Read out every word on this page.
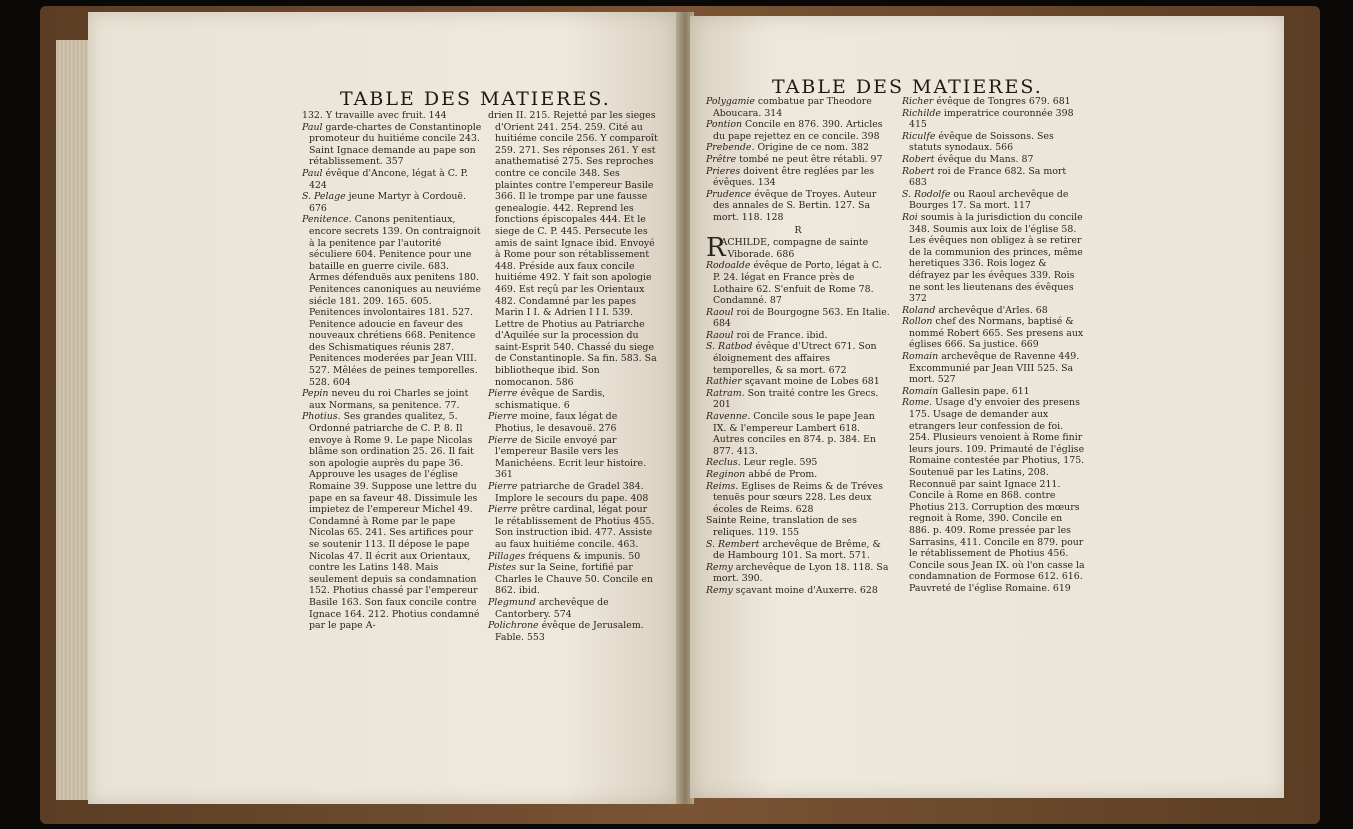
TABLE DES MATIERES.
132. Y travaille avec fruit. 144
Paul garde-chartes de Constantinople promoteur du huitiéme concile 243. Saint Ignace demande au pape son rétablissement. 357
Paul évêque d'Ancone, légat à C. P. 424
S. Pelage jeune Martyr à Cordouë. 676
Penitence. Canons penitentiaux, encore secrets 139. On contraignoit à la penitence par l'autorité séculiere 604. Penitence pour une bataille en guerre civile. 683. Armes défenduës aux penitens 180. Penitences canoniques au neuviéme siécle 181. 209. 165. 605. Penitences involontaires 181. 527. Penitence adoucie en faveur des nouveaux chrétiens 668. Penitence des Schismatiques réunis 287. Penitences moderées par Jean VIII. 527. Mêlées de peines temporelles. 528. 604
Pepin neveu du roi Charles se joint aux Normans, sa penitence. 77.
Photius. Ses grandes qualitez, 5. Ordonné patriarche de C. P. 8. Il envoye à Rome 9. Le pape Nicolas blâme son ordination 25. 26. Il fait son apologie auprès du pape 36. Approuve les usages de l'église Romaine 39. Suppose une lettre du pape en sa faveur 48. Dissimule les impietez de l'empereur Michel 49. Condamné à Rome par le pape Nicolas 65. 241. Ses artifices pour se soutenir 113. Il dépose le pape Nicolas 47. Il écrit aux Orientaux, contre les Latins 148. Mais seulement depuis sa condamnation 152. Photius chassé par l'empereur Basile 163. Son faux concile contre Ignace 164. 212. Photius condamné par le pape A-
drien II. 215. Rejetté par les sieges d'Orient 241. 254. 259. Cité au huitiéme concile 256. Y comparoît 259. 271. Ses réponses 261. Y est anathematisé 275. Ses reproches contre ce concile 348. Ses plaintes contre l'empereur Basile 366. Il le trompe par une fausse genealogie. 442. Reprend les fonctions épiscopales 444. Et le siege de C. P. 445. Persecute les amis de saint Ignace ibid. Envoyé à Rome pour son rétablissement 448. Préside aux faux concile huitiéme 492. Y fait son apologie 469. Est reçû par les Orientaux 482. Condamné par les papes Marin I I. & Adrien I I I. 539. Lettre de Photius au Patriarche d'Aquilée sur la procession du saint-Esprit 540. Chassé du siege de Constantinople. Sa fin. 583. Sa bibliotheque ibid. Son nomocanon. 586
Pierre évêque de Sardis, schismatique. 6
Pierre moine, faux légat de Photius, le desavouë. 276
Pierre de Sicile envoyé par l'empereur Basile vers les Manichéens. Ecrit leur histoire. 361
Pierre patriarche de Gradel 384. Implore le secours du pape. 408
Pierre prêtre cardinal, légat pour le rétablissement de Photius 455. Son instruction ibid. 477. Assiste au faux huitiéme concile. 463.
Pillages fréquens & impunis. 50
Pistes sur la Seine, fortifié par Charles le Chauve 50. Concile en 862. ibid.
Plegmund archevêque de Cantorbery. 574
Polichrone évêque de Jerusalem. Fable. 553
TABLE DES MATIERES.
Polygamie combatue par Theodore Aboucara. 314
Pontion Concile en 876. 390. Articles du pape rejettez en ce concile. 398
Prebende. Origine de ce nom. 382
Prêtre tombé ne peut être rétabli. 97
Prieres doivent être reglées par les évêques. 134
Prudence évêque de Troyes. Auteur des annales de S. Bertin. 127. Sa mort. 118. 128
R
R
ACHILDE, compagne de sainte Viborade. 686
Rodoalde évêque de Porto, légat à C. P. 24. légat en France près de Lothaire 62. S'enfuit de Rome 78. Condamné. 87
Raoul roi de Bourgogne 563. En Italie. 684
Raoul roi de France. ibid.
S. Ratbod évêque d'Utrect 671. Son éloignement des affaires temporelles, & sa mort. 672
Rathier sçavant moine de Lobes 681
Ratram. Son traité contre les Grecs. 201
Ravenne. Concile sous le pape Jean IX. & l'empereur Lambert 618. Autres conciles en 874. p. 384. En 877. 413.
Reclus. Leur regle. 595
Reginon abbé de Prom.
Reims. Eglises de Reims & de Tréves tenuës pour sœurs 228. Les deux écoles de Reims. 628
Sainte Reine, translation de ses reliques. 119. 155
S. Rembert archevêque de Brême, & de Hambourg 101. Sa mort. 571.
Remy archevêque de Lyon 18. 118. Sa mort. 390.
Remy sçavant moine d'Auxerre. 628
Richer évêque de Tongres 679. 681
Richilde imperatrice couronnée 398 415
Riculfe évêque de Soissons. Ses statuts synodaux. 566
Robert évêque du Mans. 87
Robert roi de France 682. Sa mort 683
S. Rodolfe ou Raoul archevêque de Bourges 17. Sa mort. 117
Roi soumis à la jurisdiction du concile 348. Soumis aux loix de l'église 58. Les évêques non obligez à se retirer de la communion des princes, même heretiques 336. Rois logez & défrayez par les évêques 339. Rois ne sont les lieutenans des évêques 372
Roland archevêque d'Arles. 68
Rollon chef des Normans, baptisé & nommé Robert 665. Ses presens aux églises 666. Sa justice. 669
Romain archevêque de Ravenne 449. Excommunié par Jean VIII 525. Sa mort. 527
Romain Gallesin pape. 611
Rome. Usage d'y envoier des presens 175. Usage de demander aux etrangers leur confession de foi. 254. Plusieurs venoient à Rome finir leurs jours. 109. Primauté de l'église Romaine contestée par Photius, 175. Soutenuë par les Latins, 208. Reconnuë par saint Ignace 211. Concile à Rome en 868. contre Photius 213. Corruption des mœurs regnoit à Rome, 390. Concile en 886. p. 409. Rome pressée par les Sarrasins, 411. Concile en 879. pour le rétablissement de Photius 456. Concile sous Jean IX. où l'on casse la condamnation de Formose 612. 616. Pauvreté de l'église Romaine. 619
